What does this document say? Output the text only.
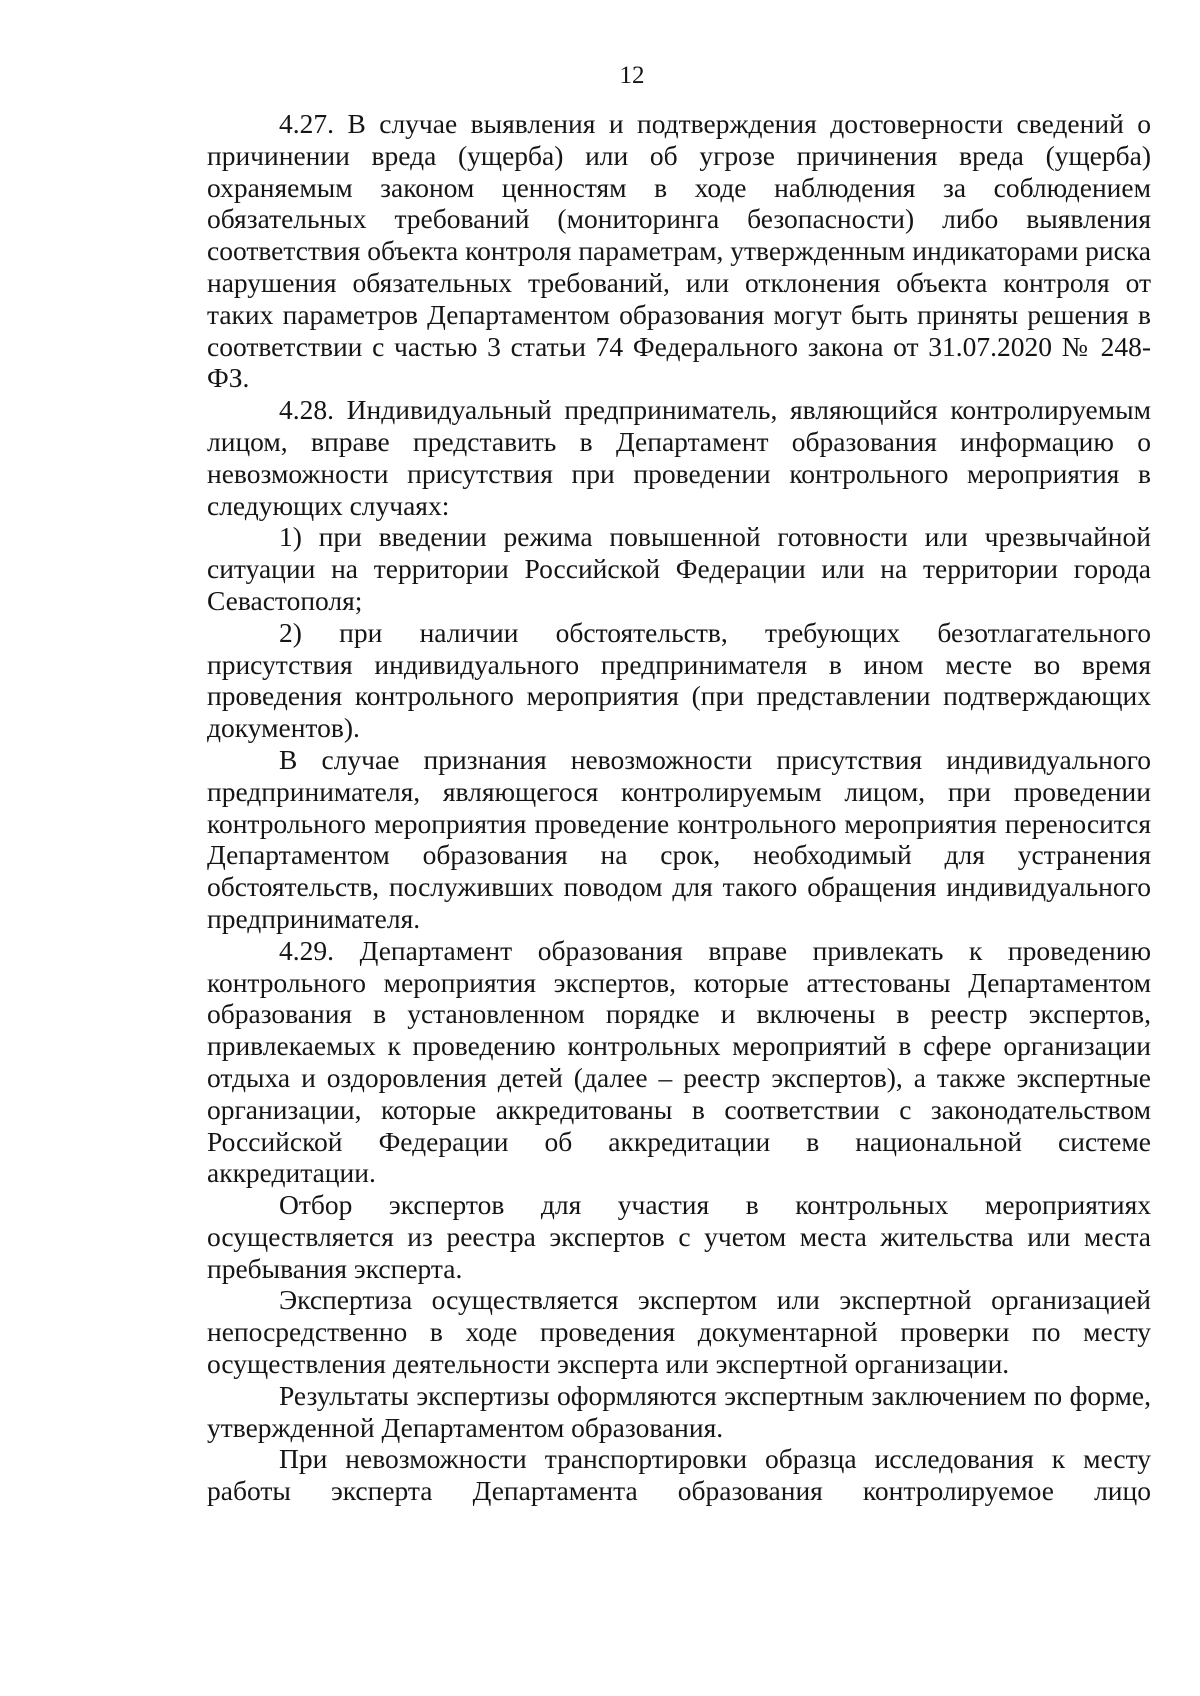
12

4.27. В случае выявления и подтверждения достоверности сведений о причинении вреда (ущерба) или об угрозе причинения вреда (ущерба) охраняемым законом ценностям в ходе наблюдения за соблюдением обязательных требований (мониторинга безопасности) либо выявления соответствия объекта контроля параметрам, утвержденным индикаторами риска нарушения обязательных требований, или отклонения объекта контроля от таких параметров Департаментом образования могут быть приняты решения в соответствии с частью 3 статьи 74 Федерального закона от 31.07.2020 № 248-ФЗ.

4.28. Индивидуальный предприниматель, являющийся контролируемым лицом, вправе представить в Департамент образования информацию о невозможности присутствия при проведении контрольного мероприятия в следующих случаях:

1) при введении режима повышенной готовности или чрезвычайной ситуации на территории Российской Федерации или на территории города Севастополя;

2) при наличии обстоятельств, требующих безотлагательного присутствия индивидуального предпринимателя в ином месте во время проведения контрольного мероприятия (при представлении подтверждающих документов).

В случае признания невозможности присутствия индивидуального предпринимателя, являющегося контролируемым лицом, при проведении контрольного мероприятия проведение контрольного мероприятия переносится Департаментом образования на срок, необходимый для устранения обстоятельств, послуживших поводом для такого обращения индивидуального предпринимателя.

4.29. Департамент образования вправе привлекать к проведению контрольного мероприятия экспертов, которые аттестованы Департаментом образования в установленном порядке и включены в реестр экспертов, привлекаемых к проведению контрольных мероприятий в сфере организации отдыха и оздоровления детей (далее – реестр экспертов), а также экспертные организации, которые аккредитованы в соответствии с законодательством Российской Федерации об аккредитации в национальной системе аккредитации.

Отбор экспертов для участия в контрольных мероприятиях осуществляется из реестра экспертов с учетом места жительства или места пребывания эксперта.

Экспертиза осуществляется экспертом или экспертной организацией непосредственно в ходе проведения документарной проверки по месту осуществления деятельности эксперта или экспертной организации.

Результаты экспертизы оформляются экспертным заключением по форме, утвержденной Департаментом образования.

При невозможности транспортировки образца исследования к месту работы эксперта Департамента образования контролируемое лицо
